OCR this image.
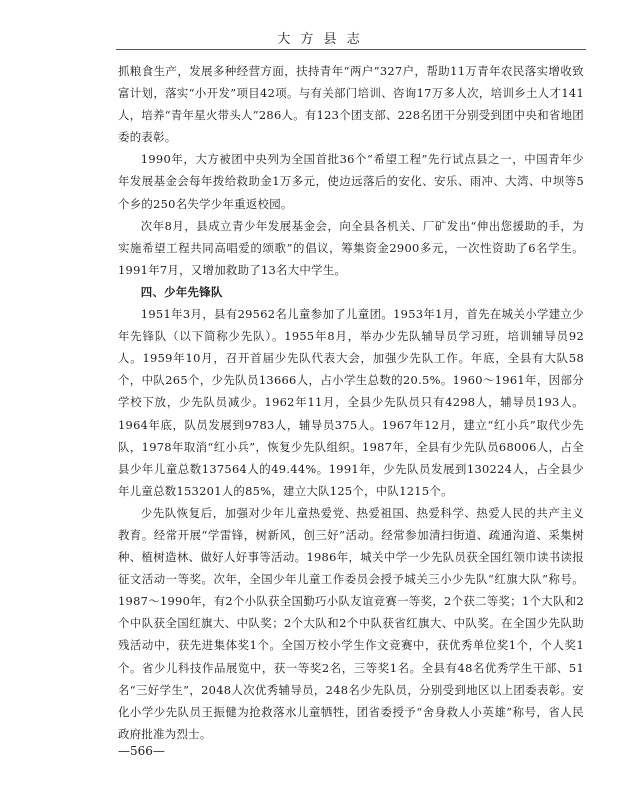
大 方 县 志

抓粮食生产，发展多种经营方面，扶持青年“两户”327户，帮助11万青年农民落实增收致富计划，落实“小开发”项目42项。与有关部门培训、咨询17万多人次，培训乡土人才141人，培养“青年星火带头人”286人。有123个团支部、228名团干分别受到团中央和省地团委的表彰。

1990年，大方被团中央列为全国首批36个“希望工程”先行试点县之一，中国青年少年发展基金会每年拨给救助金1万多元，使边远落后的安化、安乐、雨冲、大湾、中坝等5个乡的250名失学少年重返校园。

次年8月，县成立青少年发展基金会，向全县各机关、厂矿发出“伸出您援助的手，为实施希望工程共同高唱爱的颂歌”的倡议，筹集资金2900多元，一次性资助了6名学生。1991年7月，又增加救助了13名大中学生。

四、少年先锋队

1951年3月，县有29562名儿童参加了儿童团。1953年1月，首先在城关小学建立少年先锋队（以下简称少先队）。1955年8月，举办少先队辅导员学习班，培训辅导员92人。1959年10月，召开首届少先队代表大会，加强少先队工作。年底，全县有大队58个，中队265个，少先队员13666人，占小学生总数的20.5%。1960～1961年，因部分学校下放，少先队员减少。1962年11月，全县少先队员只有4298人，辅导员193人。1964年底，队员发展到9783人，辅导员375人。1967年12月，建立“红小兵”取代少先队，1978年取消“红小兵”，恢复少先队组织。1987年，全县有少先队员68006人，占全县少年儿童总数137564人的49.44%。1991年，少先队员发展到130224人，占全县少年儿童总数153201人的85%，建立大队125个，中队1215个。

少先队恢复后，加强对少年儿童热爱党、热爱祖国、热爱科学、热爱人民的共产主义教育。经常开展“学雷锋，树新风，创三好”活动。经常参加清扫街道、疏通沟道、采集树种、植树造林、做好人好事等活动。1986年，城关中学一少先队员获全国红领巾读书读报征文活动一等奖。次年，全国少年儿童工作委员会授予城关三小少先队“红旗大队”称号。1987～1990年，有2个小队获全国勤巧小队友谊竞赛一等奖，2个获二等奖；1个大队和2个中队获全国红旗大、中队奖；2个大队和2个中队获省红旗大、中队奖。在全国少先队助残活动中，获先进集体奖1个。全国万校小学生作文竞赛中，获优秀单位奖1个，个人奖1个。省少儿科技作品展览中，获一等奖2名，三等奖1名。全县有48名优秀学生干部、51名“三好学生”，2048人次优秀辅导员，248名少先队员，分别受到地区以上团委表彰。安化小学少先队员王振健为抢救落水儿童牺牲，团省委授予“舍身救人小英雄”称号，省人民政府批准为烈士。

—566—
